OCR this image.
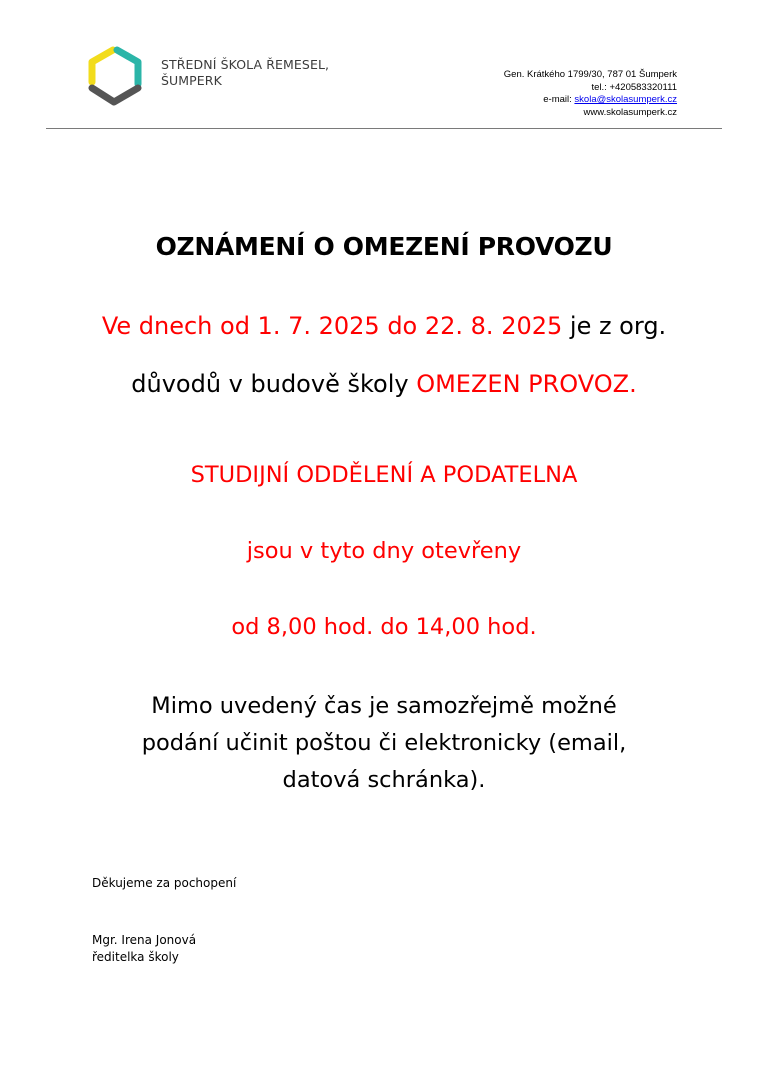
STŘEDNÍ ŠKOLA ŘEMESEL,
ŠUMPERK	Gen. Krátkého 1799/30, 787 01 Šumperk
tel.: +420583320111
e-mail: skola@skolasumperk.cz
www.skolasumperk.cz
OZNÁMENÍ O OMEZENÍ PROVOZU
Ve dnech od 1. 7. 2025 do 22. 8. 2025 je z org.
důvodů v budově školy OMEZEN PROVOZ.
STUDIJNÍ ODDĚLENÍ A PODATELNA
jsou v tyto dny otevřeny
od 8,00 hod. do 14,00 hod.
Mimo uvedený čas je samozřejmě možné
podání učinit poštou či elektronicky (email,
datová schránka).
Děkujeme za pochopení
Mgr. Irena Jonová
ředitelka školy
